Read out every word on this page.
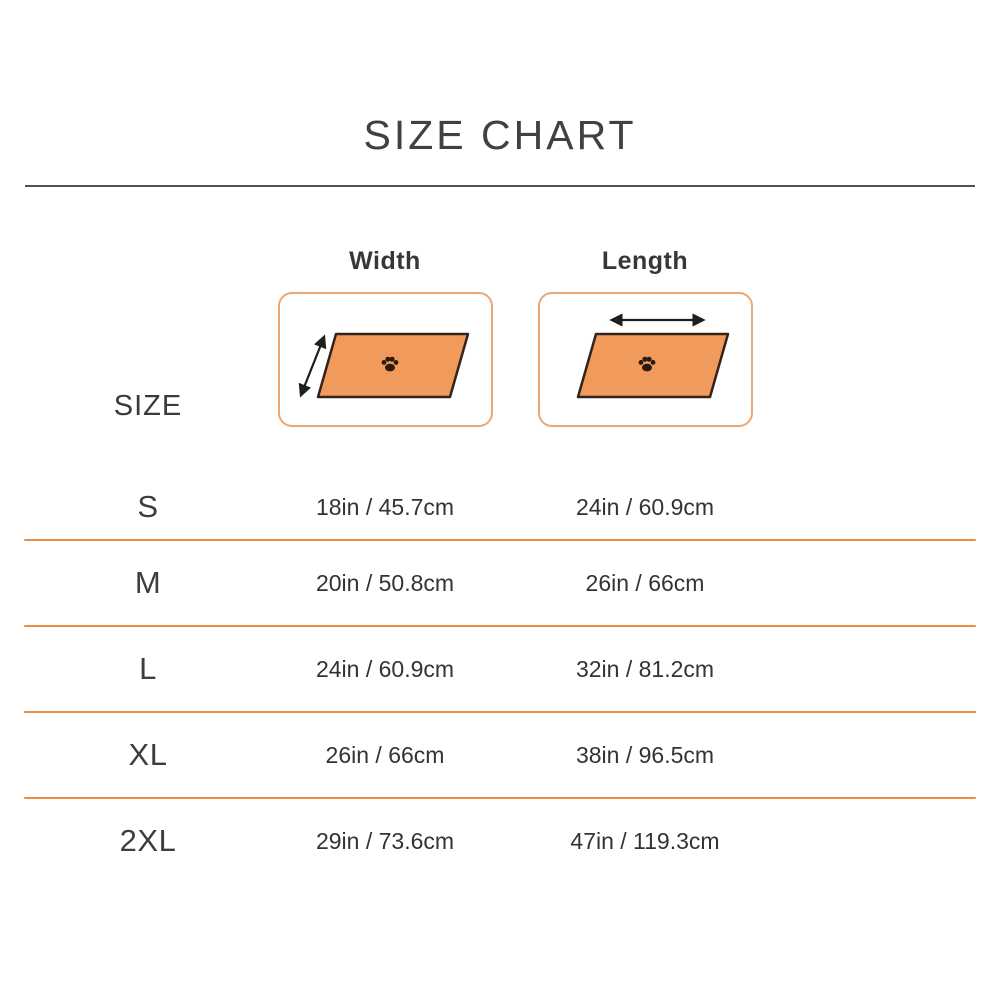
SIZE CHART
Width	Length
SIZE
S	18in / 45.7cm	24in / 60.9cm
M	20in / 50.8cm	26in / 66cm
L	24in / 60.9cm	32in / 81.2cm
XL	26in / 66cm	38in / 96.5cm
2XL	29in / 73.6cm	47in / 119.3cm
